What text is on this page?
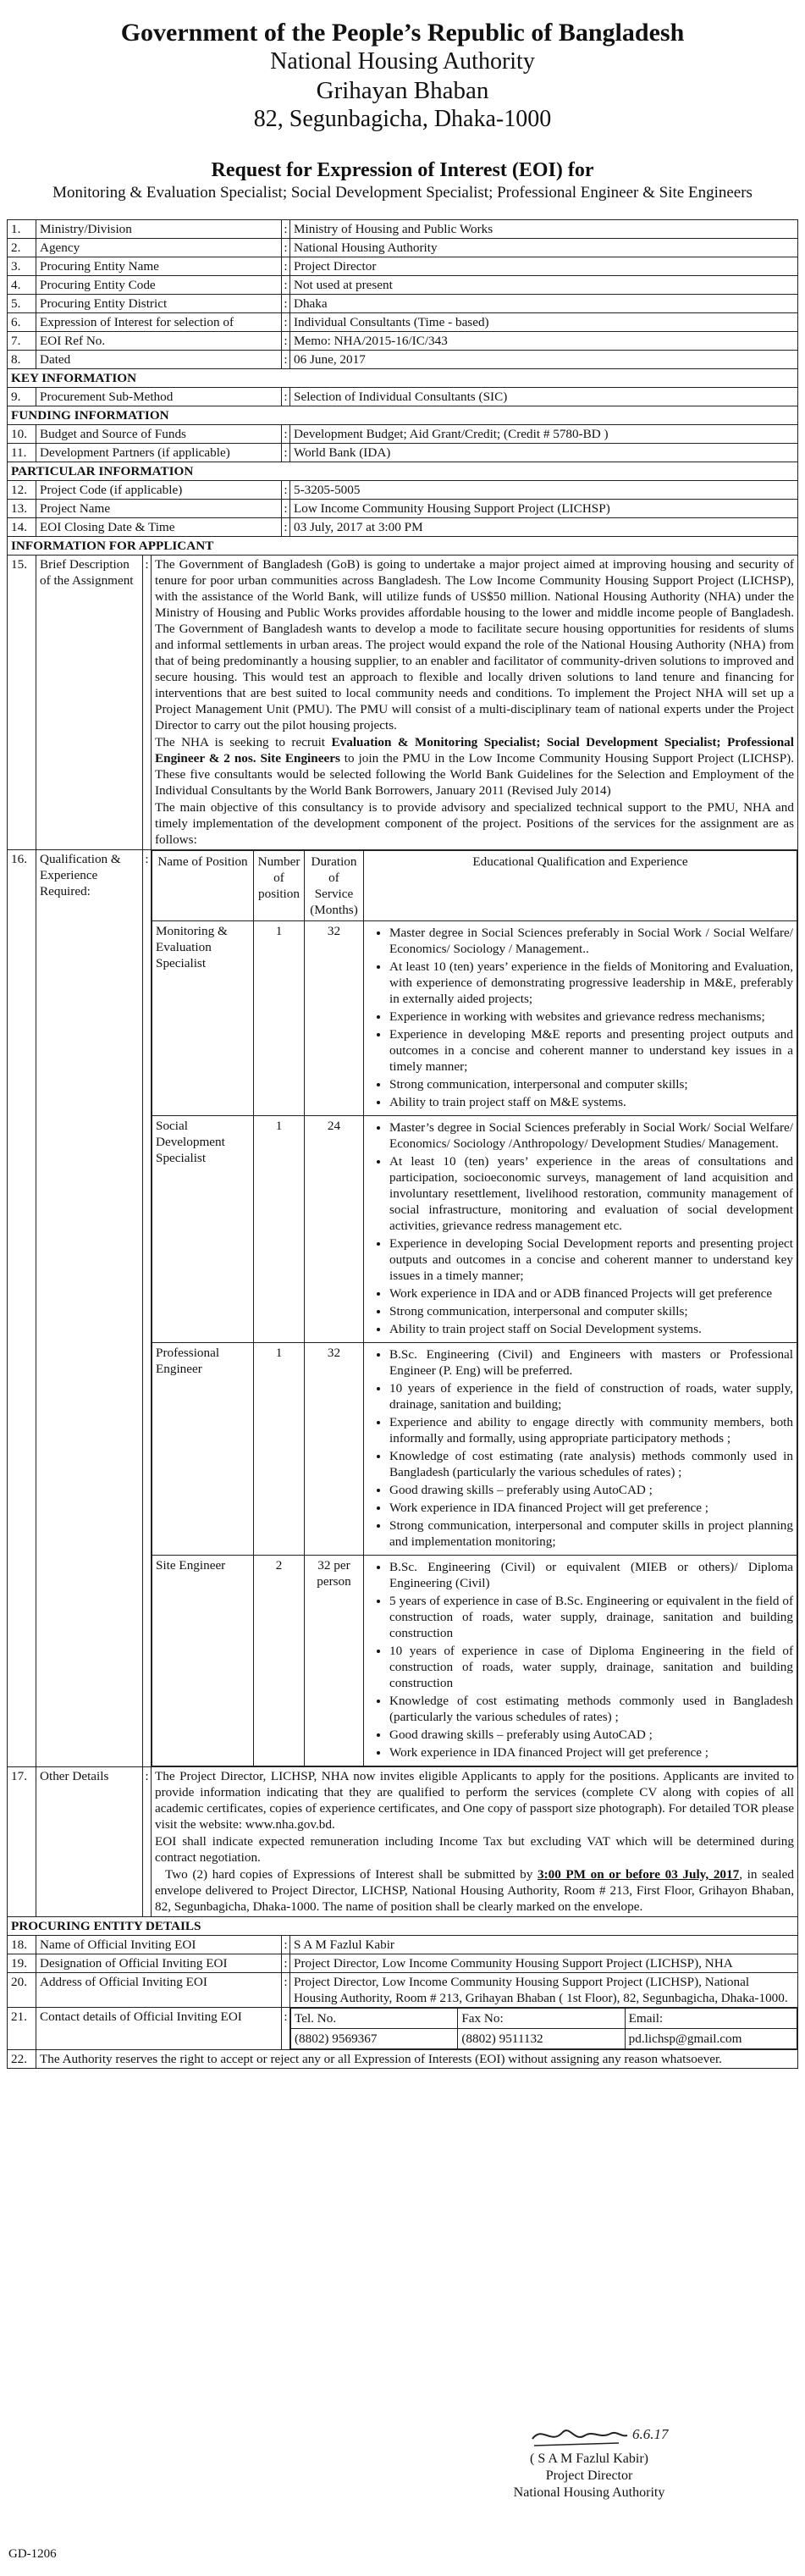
Government of the People’s Republic of Bangladesh
National Housing Authority
Grihayan Bhaban
82, Segunbagicha, Dhaka-1000
Request for Expression of Interest (EOI) for
Monitoring & Evaluation Specialist; Social Development Specialist; Professional Engineer & Site Engineers
1.	Ministry/Division	:	Ministry of Housing and Public Works
2.	Agency	:	National Housing Authority
3.	Procuring Entity Name	:	Project Director
4.	Procuring Entity Code	:	Not used at present
5.	Procuring Entity District	:	Dhaka
6.	Expression of Interest for selection of	:	Individual Consultants (Time - based)
7.	EOI Ref No.	:	Memo: NHA/2015-16/IC/343
8.	Dated	:	06 June, 2017
KEY INFORMATION
9.	Procurement Sub-Method	:	Selection of Individual Consultants (SIC)
FUNDING INFORMATION
10.	Budget and Source of Funds	:	Development Budget; Aid Grant/Credit; (Credit # 5780-BD )
11.	Development Partners (if applicable)	:	World Bank (IDA)
PARTICULAR INFORMATION
12.	Project Code (if applicable)	:	5-3205-5005
13.	Project Name	:	Low Income Community Housing Support Project (LICHSP)
14.	EOI Closing Date & Time	:	03 July, 2017 at 3:00 PM
INFORMATION FOR APPLICANT
15.	Brief Description of the Assignment	:	The Government of Bangladesh (GoB) is going to undertake a major project aimed at improving housing and security of tenure for poor urban communities across Bangladesh. The Low Income Community Housing Support Project (LICHSP), with the assistance of the World Bank, will utilize funds of US$50 million. National Housing Authority (NHA) under the Ministry of Housing and Public Works provides affordable housing to the lower and middle income people of Bangladesh. The Government of Bangladesh wants to develop a mode to facilitate secure housing opportunities for residents of slums and informal settlements in urban areas. The project would expand the role of the National Housing Authority (NHA) from that of being predominantly a housing supplier, to an enabler and facilitator of community-driven solutions to improved and secure housing. This would test an approach to flexible and locally driven solutions to land tenure and financing for interventions that are best suited to local community needs and conditions. To implement the Project NHA will set up a Project Management Unit (PMU). The PMU will consist of a multi-disciplinary team of national experts under the Project Director to carry out the pilot housing projects.

The NHA is seeking to recruit Evaluation & Monitoring Specialist; Social Development Specialist; Professional Engineer & 2 nos. Site Engineers to join the PMU in the Low Income Community Housing Support Project (LICHSP). These five consultants would be selected following the World Bank Guidelines for the Selection and Employment of the Individual Consultants by the World Bank Borrowers, January 2011 (Revised July 2014)

The main objective of this consultancy is to provide advisory and specialized technical support to the PMU, NHA and timely implementation of the development component of the project. Positions of the services for the assignment are as follows:

16.	Qualification & Experience Required:	:	Name of Position	Number of position	Duration of Service (Months)	Educational Qualification and Experience
Monitoring & Evaluation Specialist	1	32	
•Master degree in Social Sciences preferably in Social Work / Social Welfare/ Economics/ Sociology / Management..
• At least 10 (ten) years’ experience in the fields of Monitoring and Evaluation, with experience of demonstrating progressive leadership in M&E, preferably in externally aided projects;
• Experience in working with websites and grievance redress mechanisms;
• Experience in developing M&E reports and presenting project outputs and outcomes in a concise and coherent manner to understand key issues in a timely manner;
• Strong communication, interpersonal and computer skills;
• Ability to train project staff on M&E systems.

Social Development Specialist	1	24	
•Master’s degree in Social Sciences preferably in Social Work/ Social Welfare/ Economics/ Sociology /Anthropology/ Development Studies/ Management.
• At least 10 (ten) years’ experience in the areas of consultations and participation, socioeconomic surveys, management of land acquisition and involuntary resettlement, livelihood restoration, community management of social infrastructure, monitoring and evaluation of social development activities, grievance redress management etc.
• Experience in developing Social Development reports and presenting project outputs and outcomes in a concise and coherent manner to understand key issues in a timely manner;
• Work experience in IDA and or ADB financed Projects will get preference
• Strong communication, interpersonal and computer skills;
• Ability to train project staff on Social Development systems.

Professional Engineer	1	32	
•B.Sc. Engineering (Civil) and Engineers with masters or Professional Engineer (P. Eng) will be preferred.
• 10 years of experience in the field of construction of roads, water supply, drainage, sanitation and building;
• Experience and ability to engage directly with community members, both informally and formally, using appropriate participatory methods ;
• Knowledge of cost estimating (rate analysis) methods commonly used in Bangladesh (particularly the various schedules of rates) ;
• Good drawing skills – preferably using AutoCAD ;
• Work experience in IDA financed Project will get preference ;
• Strong communication, interpersonal and computer skills in project planning and implementation monitoring;

Site Engineer	2	32 per person	
• B.Sc. Engineering (Civil) or equivalent (MIEB or others)/ Diploma Engineering (Civil)
• 5 years of experience in case of B.Sc. Engineering or equivalent in the field of construction of roads, water supply, drainage, sanitation and building construction
• 10 years of experience in case of Diploma Engineering in the field of construction of roads, water supply, drainage, sanitation and building construction
• Knowledge of cost estimating methods commonly used in Bangladesh (particularly the various schedules of rates) ;
• Good drawing skills – preferably using AutoCAD ;
• Work experience in IDA financed Project will get preference ;

17.	Other Details	:	The Project Director, LICHSP, NHA now invites eligible Applicants to apply for the positions. Applicants are invited to provide information indicating that they are qualified to perform the services (complete CV along with copies of all academic certificates, copies of experience certificates, and One copy of passport size photograph). For detailed TOR please visit the website: www.nha.gov.bd.

EOI shall indicate expected remuneration including Income Tax but excluding VAT which will be determined during contract negotiation.

Two (2) hard copies of Expressions of Interest shall be submitted by 3:00 PM on or before 03 July, 2017, in sealed envelope delivered to Project Director, LICHSP, National Housing Authority, Room # 213, First Floor, Grihayon Bhaban, 82, Segunbagicha, Dhaka-1000. The name of position shall be clearly marked on the envelope.

PROCURING ENTITY DETAILS
18.	Name of Official Inviting EOI	:	S A M Fazlul Kabir
19.	Designation of Official Inviting EOI	:	Project Director, Low Income Community Housing Support Project (LICHSP), NHA
20.	Address of Official Inviting EOI	:	Project Director, Low Income Community Housing Support Project (LICHSP), National Housing Authority, Room # 213, Grihayan Bhaban ( 1st Floor), 82, Segunbagicha, Dhaka-1000.
21.	Contact details of Official Inviting EOI	:	Tel. No.	Fax No:	Email:
(8802) 9569367	(8802) 9511132	pd.lichsp@gmail.com

22.	The Authority reserves the right to accept or reject any or all Expression of Interests (EOI) without assigning any reason whatsoever.
6.6.17
( S A M Fazlul Kabir)
Project Director
National Housing Authority
GD-1206
